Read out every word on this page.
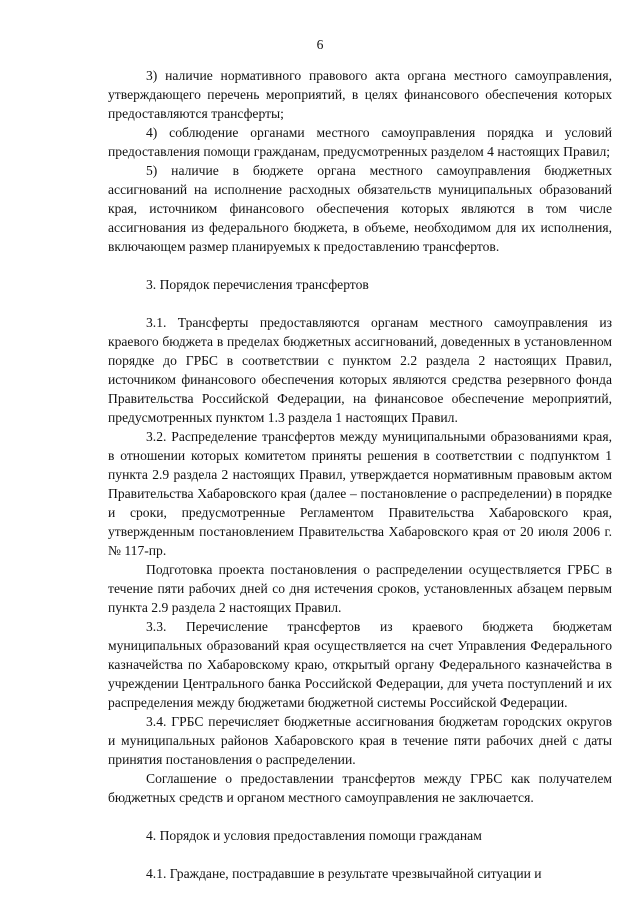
6

3) наличие нормативного правового акта органа местного самоуправления, утверждающего перечень мероприятий, в целях финансового обеспечения которых предоставляются трансферты;

4) соблюдение органами местного самоуправления порядка и условий предоставления помощи гражданам, предусмотренных разделом 4 настоящих Правил;

5) наличие в бюджете органа местного самоуправления бюджетных ассигнований на исполнение расходных обязательств муниципальных образований края, источником финансового обеспечения которых являются в том числе ассигнования из федерального бюджета, в объеме, необходимом для их исполнения, включающем размер планируемых к предоставлению трансфертов.

3. Порядок перечисления трансфертов

3.1. Трансферты предоставляются органам местного самоуправления из краевого бюджета в пределах бюджетных ассигнований, доведенных в установленном порядке до ГРБС в соответствии с пунктом 2.2 раздела 2 настоящих Правил, источником финансового обеспечения которых являются средства резервного фонда Правительства Российской Федерации, на финансовое обеспечение мероприятий, предусмотренных пунктом 1.3 раздела 1 настоящих Правил.

3.2. Распределение трансфертов между муниципальными образованиями края, в отношении которых комитетом приняты решения в соответствии с подпунктом 1 пункта 2.9 раздела 2 настоящих Правил, утверждается нормативным правовым актом Правительства Хабаровского края (далее – постановление о распределении) в порядке и сроки, предусмотренные Регламентом Правительства Хабаровского края, утвержденным постановлением Правительства Хабаровского края от 20 июля 2006 г. № 117-пр.

Подготовка проекта постановления о распределении осуществляется ГРБС в течение пяти рабочих дней со дня истечения сроков, установленных абзацем первым пункта 2.9 раздела 2 настоящих Правил.

3.3. Перечисление трансфертов из краевого бюджета бюджетам муниципальных образований края осуществляется на счет Управления Федерального казначейства по Хабаровскому краю, открытый органу Федерального казначейства в учреждении Центрального банка Российской Федерации, для учета поступлений и их распределения между бюджетами бюджетной системы Российской Федерации.

3.4. ГРБС перечисляет бюджетные ассигнования бюджетам городских округов и муниципальных районов Хабаровского края в течение пяти рабочих дней с даты принятия постановления о распределении.

Соглашение о предоставлении трансфертов между ГРБС как получателем бюджетных средств и органом местного самоуправления не заключается.

4. Порядок и условия предоставления помощи гражданам

4.1. Граждане, пострадавшие в результате чрезвычайной ситуации и
